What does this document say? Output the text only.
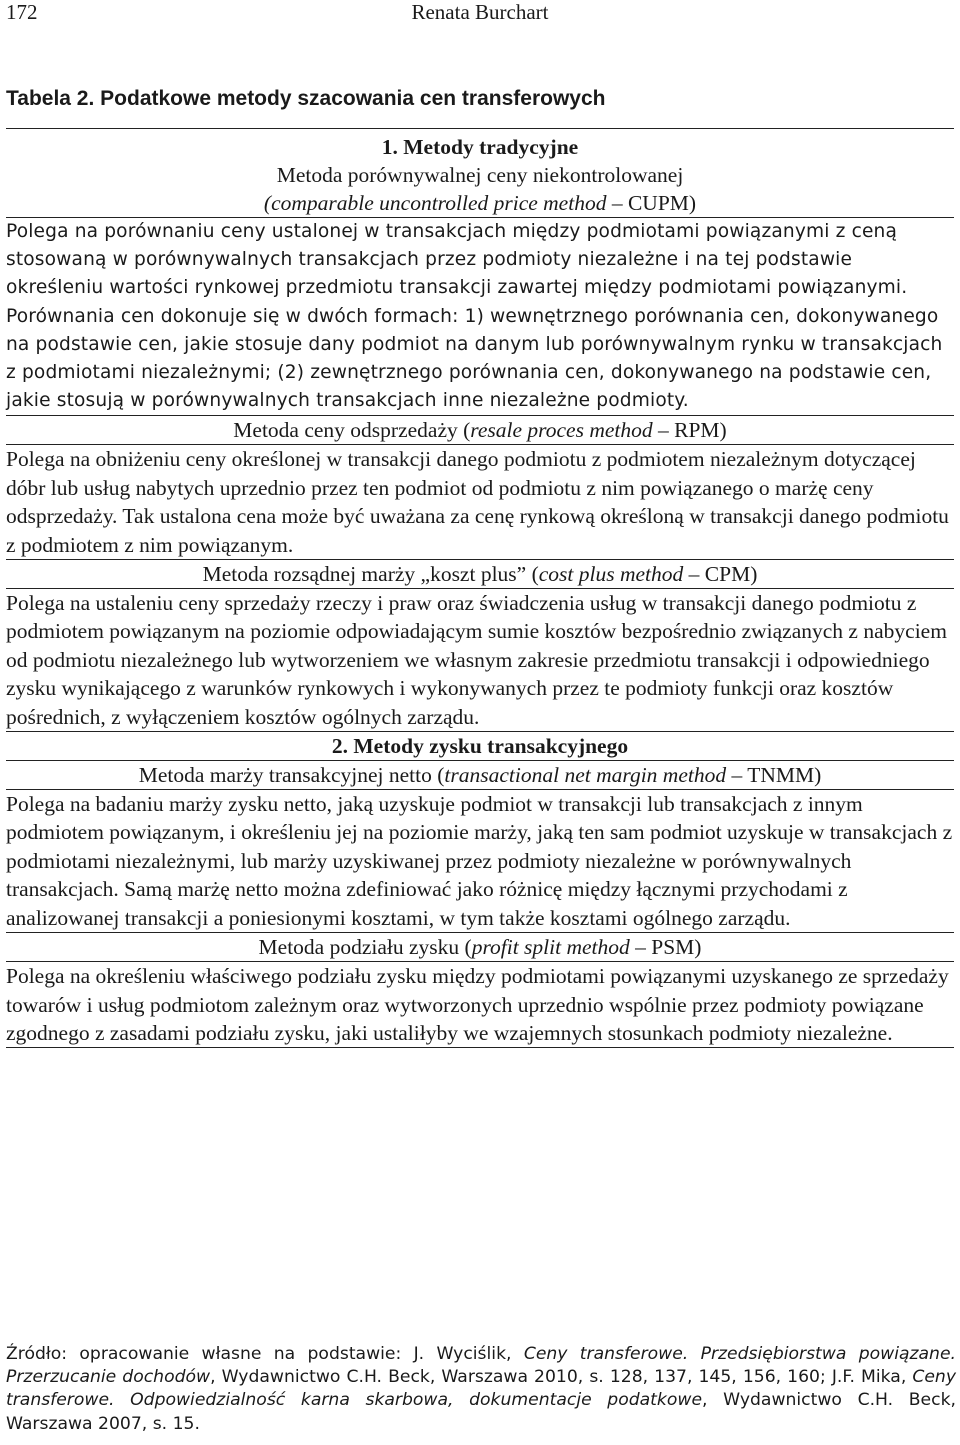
Renata Burchart
172
Tabela 2. Podatkowe metody szacowania cen transferowych
1. Metody tradycyjne
Metoda porównywalnej ceny niekontrolowanej
(comparable uncontrolled price method – CUPM)
Polega na porównaniu ceny ustalonej w transakcjach między podmiotami powiązanymi z ceną stosowaną w porównywalnych transakcjach przez podmioty niezależne i na tej podstawie określeniu wartości rynkowej przedmiotu transakcji zawartej między podmiotami powiązanymi. Porównania cen dokonuje się w dwóch formach: 1) wewnętrznego porównania cen, dokonywanego na podstawie cen, jakie stosuje dany podmiot na danym lub porównywalnym rynku w transakcjach z podmiotami niezależnymi; (2) zewnętrznego porównania cen, dokonywanego na podstawie cen, jakie stosują w porównywalnych transakcjach inne niezależne podmioty.
Metoda ceny odsprzedaży (resale proces method – RPM)
Polega na obniżeniu ceny określonej w transakcji danego podmiotu z podmiotem niezależnym dotyczącej dóbr lub usług nabytych uprzednio przez ten podmiot od podmiotu z nim powiązanego o marżę ceny odsprzedaży. Tak ustalona cena może być uważana za cenę rynkową określoną w transakcji danego podmiotu z podmiotem z nim powiązanym.
Metoda rozsądnej marży „koszt plus” (cost plus method – CPM)
Polega na ustaleniu ceny sprzedaży rzeczy i praw oraz świadczenia usług w transakcji danego podmiotu z podmiotem powiązanym na poziomie odpowiadającym sumie kosztów bezpośrednio związanych z nabyciem od podmiotu niezależnego lub wytworzeniem we własnym zakresie przedmiotu transakcji i odpowiedniego zysku wynikającego z warunków rynkowych i wykonywanych przez te podmioty funkcji oraz kosztów pośrednich, z wyłączeniem kosztów ogólnych zarządu.
2. Metody zysku transakcyjnego
Metoda marży transakcyjnej netto (transactional net margin method – TNMM)
Polega na badaniu marży zysku netto, jaką uzyskuje podmiot w transakcji lub transakcjach z innym podmiotem powiązanym, i określeniu jej na poziomie marży, jaką ten sam podmiot uzyskuje w transakcjach z podmiotami niezależnymi, lub marży uzyskiwanej przez podmioty niezależne w porównywalnych transakcjach. Samą marżę netto można zdefiniować jako różnicę między łącznymi przychodami z analizowanej transakcji a poniesionymi kosztami, w tym także kosztami ogólnego zarządu.
Metoda podziału zysku (profit split method – PSM)
Polega na określeniu właściwego podziału zysku między podmiotami powiązanymi uzyskanego ze sprzedaży towarów i usług podmiotom zależnym oraz wytworzonych uprzednio wspólnie przez podmioty powiązane zgodnego z zasadami podziału zysku, jaki ustaliłyby we wzajemnych stosunkach podmioty niezależne.

Źródło: opracowanie własne na podstawie: J. Wyciślik, Ceny transferowe. Przedsiębiorstwa powiązane. Przerzucanie dochodów, Wydawnictwo C.H. Beck, Warszawa 2010, s. 128, 137, 145, 156, 160; J.F. Mika, Ceny transferowe. Odpowiedzialność karna skarbowa, dokumentacje podatkowe, Wydawnictwo C.H. Beck, Warszawa 2007, s. 15.
